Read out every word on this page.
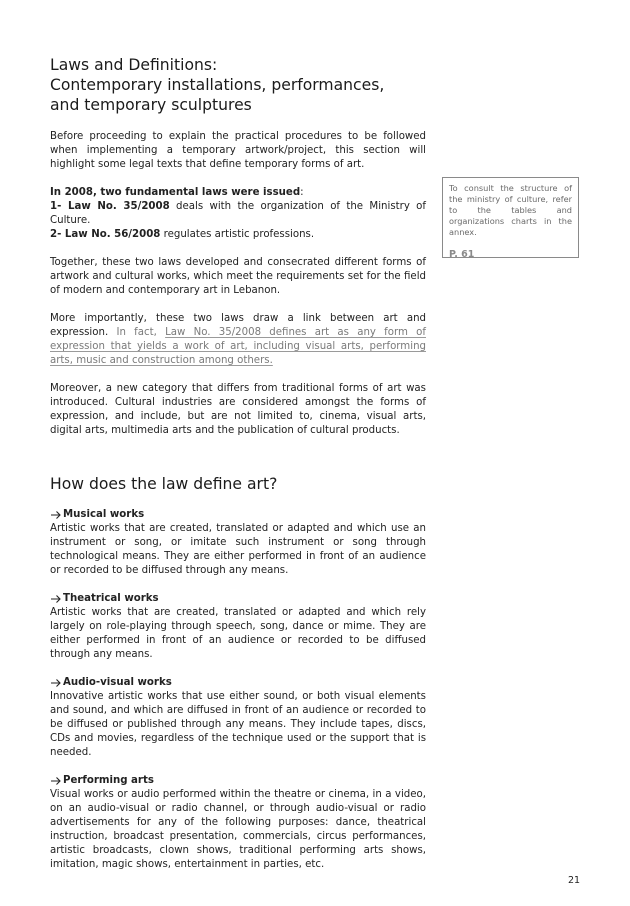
Laws and Definitions:
Contemporary installations, performances,
and temporary sculptures

Before proceeding to explain the practical procedures to be followed when implementing a temporary artwork/project, this section will highlight some legal texts that define temporary forms of art.

In 2008, two fundamental laws were issued:
1- Law No. 35/2008 deals with the organization of the Ministry of Culture.
2- Law No. 56/2008 regulates artistic professions.

Together, these two laws developed and consecrated different forms of artwork and cultural works, which meet the requirements set for the field of modern and contemporary art in Lebanon.

More importantly, these two laws draw a link between art and expression. In fact, Law No. 35/2008 defines art as any form of expression that yields a work of art, including visual arts, performing arts, music and construction among others.

Moreover, a new category that differs from traditional forms of art was introduced. Cultural industries are considered amongst the forms of expression, and include, but are not limited to, cinema, visual arts, digital arts, multimedia arts and the publication of cultural products.

How does the law define art?
Musical works

Artistic works that are created, translated or adapted and which use an instrument or song, or imitate such instrument or song through technological means. They are either performed in front of an audience or recorded to be diffused through any means.

Theatrical works

Artistic works that are created, translated or adapted and which rely largely on role-playing through speech, song, dance or mime. They are either performed in front of an audience or recorded to be diffused through any means.

Audio-visual works

Innovative artistic works that use either sound, or both visual elements and sound, and which are diffused in front of an audience or recorded to be diffused or published through any means. They include tapes, discs, CDs and movies, regardless of the technique used or the support that is needed.

Performing arts

Visual works or audio performed within the theatre or cinema, in a video, on an audio-visual or radio channel, or through audio-visual or radio advertisements for any of the following purposes: dance, theatrical instruction, broadcast presentation, commercials, circus performances, artistic broadcasts, clown shows, traditional performing arts shows, imitation, magic shows, entertainment in parties, etc.

To consult the structure of the ministry of culture, refer to the tables and organizations charts in the annex.

P. 61
21
